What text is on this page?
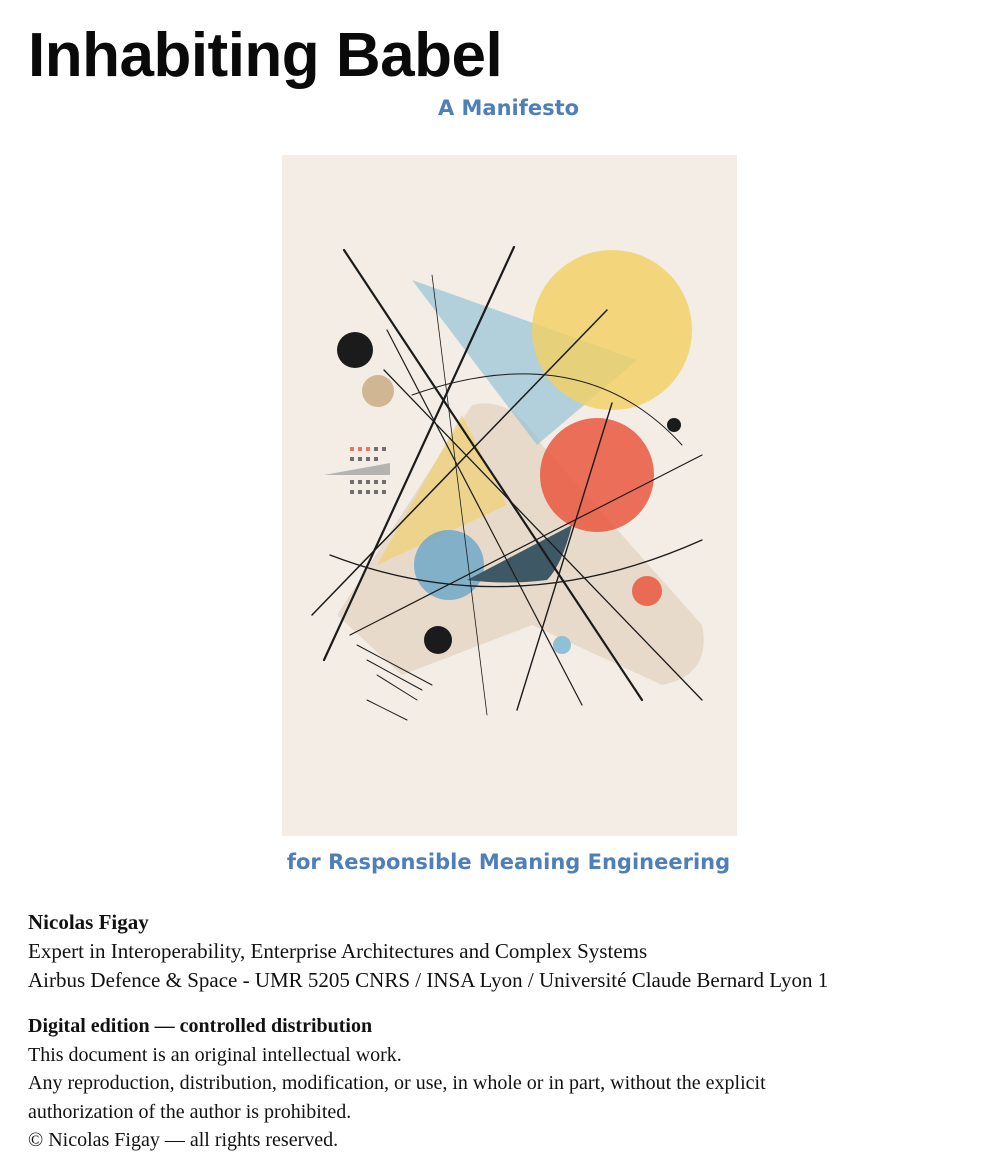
Inhabiting Babel
A Manifesto
for Responsible Meaning Engineering
Nicolas Figay
Expert in Interoperability, Enterprise Architectures and Complex Systems
Airbus Defence & Space - UMR 5205 CNRS / INSA Lyon / Université Claude Bernard Lyon 1
Digital edition — controlled distribution
This document is an original intellectual work.
Any reproduction, distribution, modification, or use, in whole or in part, without the explicit
authorization of the author is prohibited.
© Nicolas Figay — all rights reserved.
